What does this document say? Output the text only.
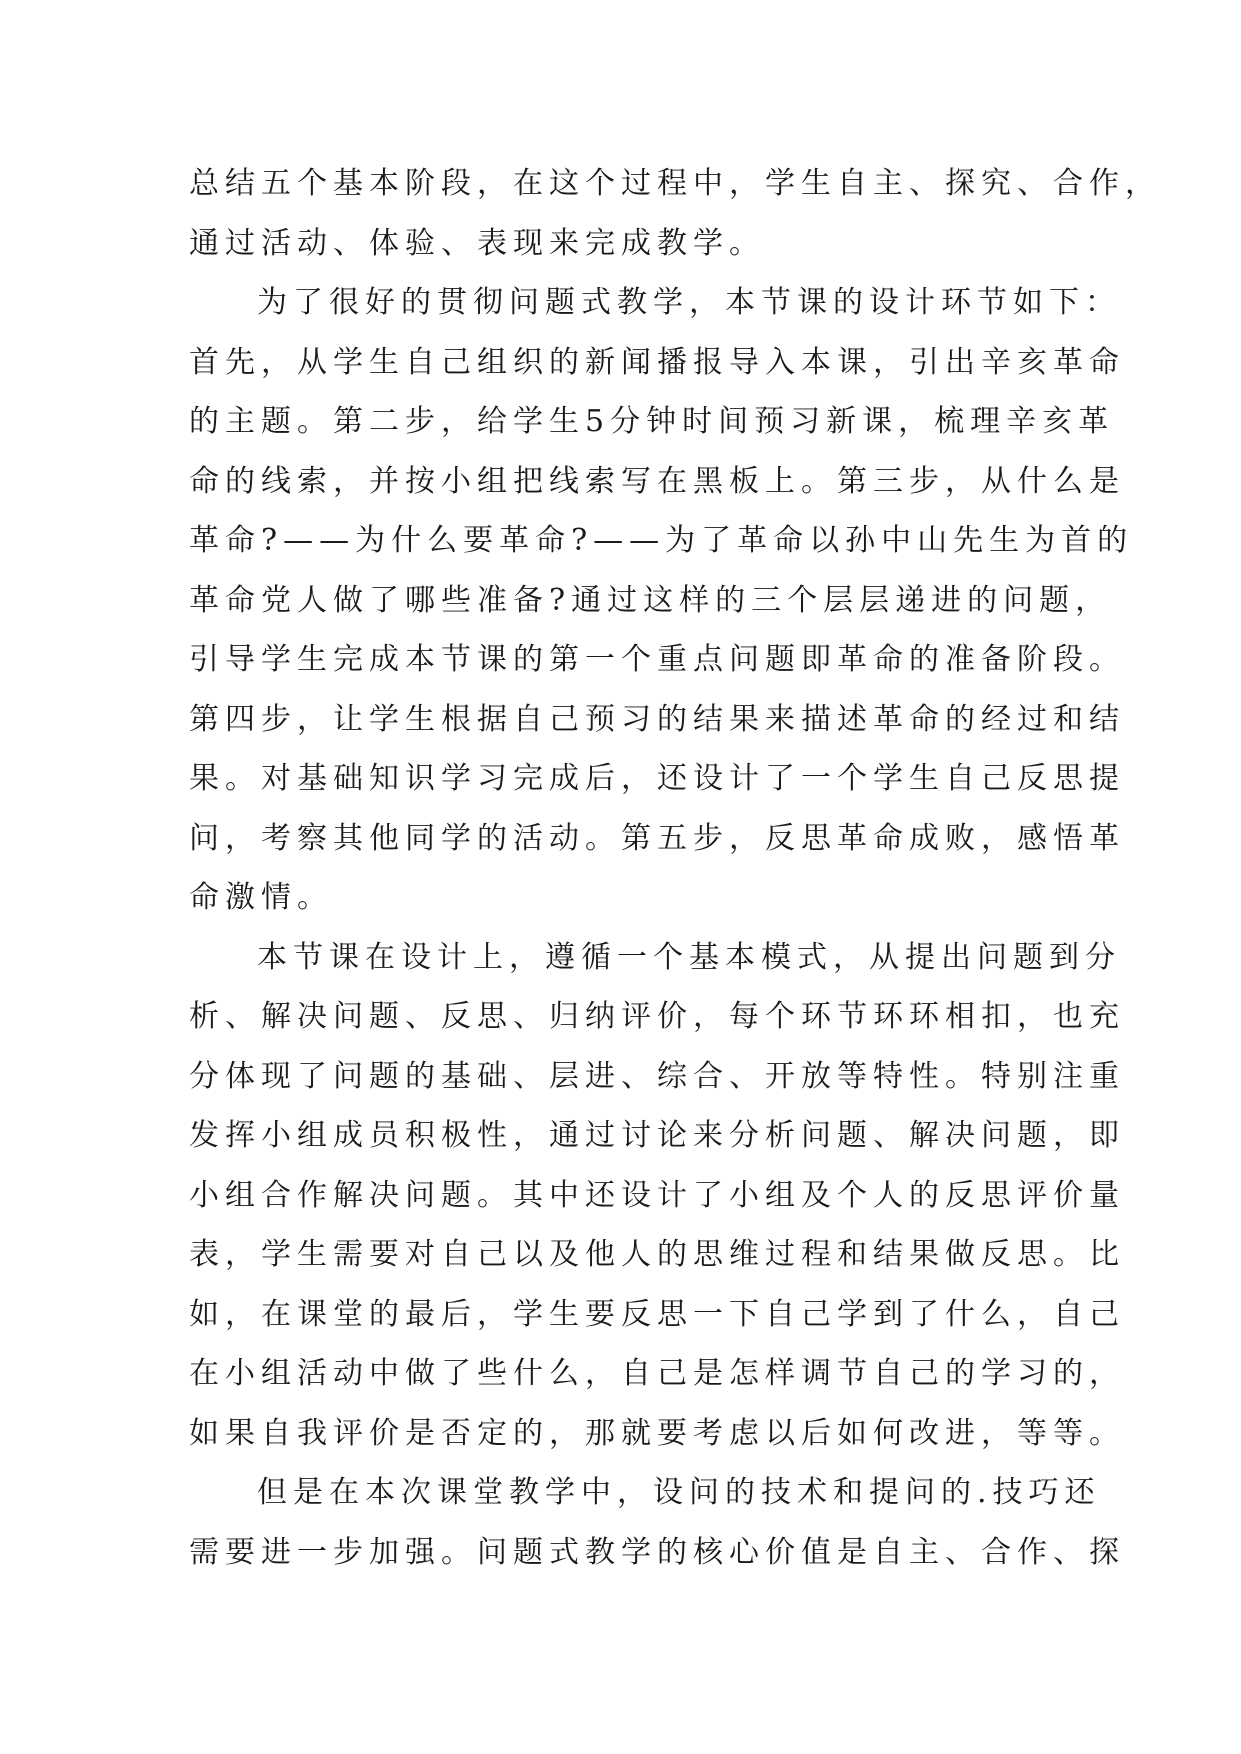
总结五个基本阶段，在这个过程中，学生自主、探究、合作，
通过活动、体验、表现来完成教学。
为了很好的贯彻问题式教学，本节课的设计环节如下：
首先，从学生自己组织的新闻播报导入本课，引出辛亥革命
的主题。第二步，给学生5分钟时间预习新课，梳理辛亥革
命的线索，并按小组把线索写在黑板上。第三步，从什么是
革命?——为什么要革命?——为了革命以孙中山先生为首的
革命党人做了哪些准备?通过这样的三个层层递进的问题，
引导学生完成本节课的第一个重点问题即革命的准备阶段。
第四步，让学生根据自己预习的结果来描述革命的经过和结
果。对基础知识学习完成后，还设计了一个学生自己反思提
问，考察其他同学的活动。第五步，反思革命成败，感悟革
命激情。
本节课在设计上，遵循一个基本模式，从提出问题到分
析、解决问题、反思、归纳评价，每个环节环环相扣，也充
分体现了问题的基础、层进、综合、开放等特性。特别注重
发挥小组成员积极性，通过讨论来分析问题、解决问题，即
小组合作解决问题。其中还设计了小组及个人的反思评价量
表，学生需要对自己以及他人的思维过程和结果做反思。比
如，在课堂的最后，学生要反思一下自己学到了什么，自己
在小组活动中做了些什么，自己是怎样调节自己的学习的，
如果自我评价是否定的，那就要考虑以后如何改进，等等。
但是在本次课堂教学中，设问的技术和提问的.技巧还
需要进一步加强。问题式教学的核心价值是自主、合作、探
